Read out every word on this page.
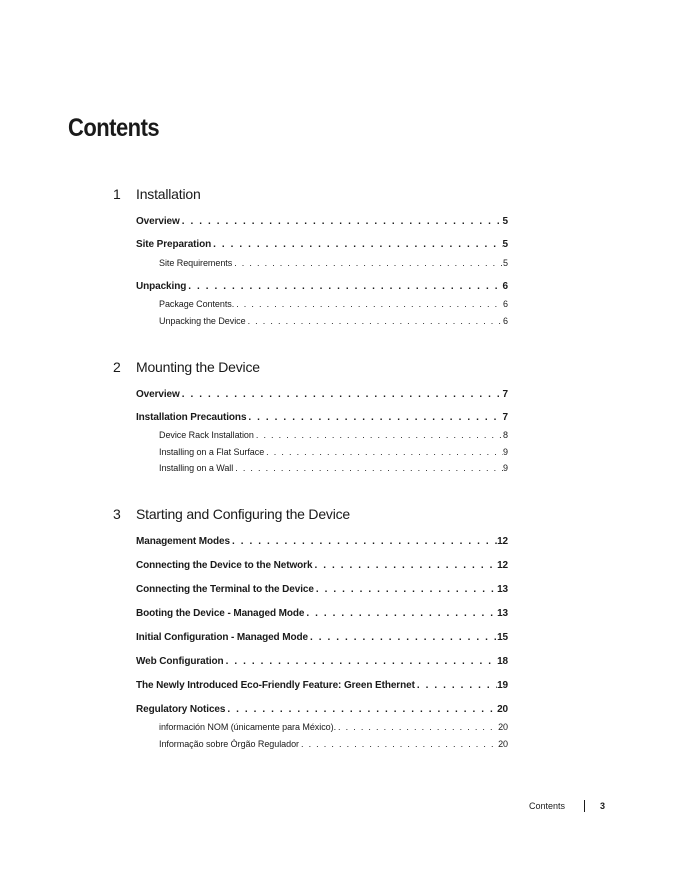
Contents
1 Installation
Overview . . .	5
Site Preparation . . .	5
Site Requirements . . .	5
Unpacking . . .	6
Package Contents. . . .	6
Unpacking the Device . . .	6
2 Mounting the Device
Overview . . .	7
Installation Precautions . . .	7
Device Rack Installation . . .	8
Installing on a Flat Surface . . .	9
Installing on a Wall . . .	9
3 Starting and Configuring the Device
Management Modes . . .	12
Connecting the Device to the Network . . .	12
Connecting the Terminal to the Device . . .	13
Booting the Device - Managed Mode . . .	13
Initial Configuration - Managed Mode . . .	15
Web Configuration . . .	18
The Newly Introduced Eco-Friendly Feature: Green Ethernet . . .	19
Regulatory Notices . . .	20
información NOM (únicamente para México). . . .	20
Informação sobre Órgão Regulador . . .	20
Contents	3
